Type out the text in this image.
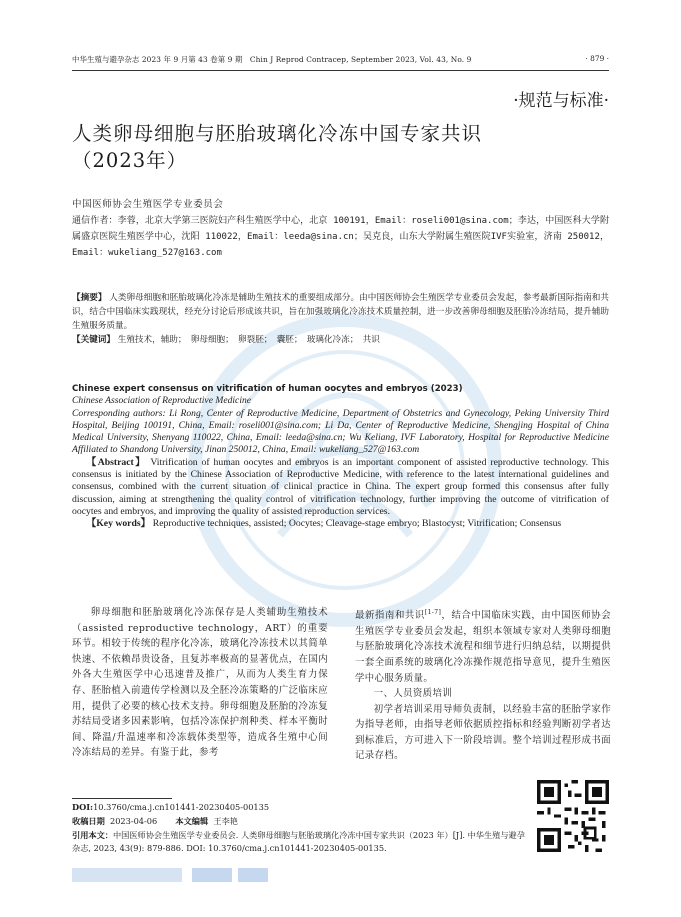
中华生殖与避孕杂志 2023 年 9 月第 43 卷第 9 期　Chin J Reprod Contracep, September 2023, Vol. 43, No. 9	· 879 ·
·规范与标准·
人类卵母细胞与胚胎玻璃化冷冻中国专家共识（2023年）
中国医师协会生殖医学专业委员会
通信作者：李蓉，北京大学第三医院妇产科生殖医学中心，北京 100191，Email：roseli001@sina.com；李达，中国医科大学附属盛京医院生殖医学中心，沈阳 110022，Email：leeda@sina.cn；吴克良，山东大学附属生殖医院IVF实验室，济南 250012，Email：wukeliang_527@163.com
【摘要】 人类卵母细胞和胚胎玻璃化冷冻是辅助生殖技术的重要组成部分。由中国医师协会生殖医学专业委员会发起，参考最新国际指南和共识，结合中国临床实践现状，经充分讨论后形成该共识，旨在加强玻璃化冷冻技术质量控制，进一步改善卵母细胞及胚胎冷冻结局，提升辅助生殖服务质量。
【关键词】 生殖技术，辅助；　卵母细胞；　卵裂胚；　囊胚；　玻璃化冷冻；　共识
Chinese expert consensus on vitrification of human oocytes and embryos (2023)
Chinese Association of Reproductive Medicine
Corresponding authors: Li Rong, Center of Reproductive Medicine, Department of Obstetrics and Gynecology, Peking University Third Hospital, Beijing 100191, China, Email: roseli001@sina.com; Li Da, Center of Reproductive Medicine, Shengjing Hospital of China Medical University, Shenyang 110022, China, Email: leeda@sina.cn; Wu Keliang, IVF Laboratory, Hospital for Reproductive Medicine Affiliated to Shandong University, Jinan 250012, China, Email: wukeliang_527@163.com
【Abstract】 Vitrification of human oocytes and embryos is an important component of assisted reproductive technology. This consensus is initiated by the Chinese Association of Reproductive Medicine, with reference to the latest international guidelines and consensus, combined with the current situation of clinical practice in China. The expert group formed this consensus after fully discussion, aiming at strengthening the quality control of vitrification technology, further improving the outcome of vitrification of oocytes and embryos, and improving the quality of assisted reproduction services.
【Key words】 Reproductive techniques, assisted; Oocytes; Cleavage-stage embryo; Blastocyst; Vitrification; Consensus
卵母细胞和胚胎玻璃化冷冻保存是人类辅助生殖技术（assisted reproductive technology，ART）的重要环节。相较于传统的程序化冷冻，玻璃化冷冻技术以其简单快速、不依赖昂贵设备，且复苏率极高的显著优点，在国内外各大生殖医学中心迅速普及推广，从而为人类生育力保存、胚胎植入前遗传学检测以及全胚冷冻策略的广泛临床应用，提供了必要的核心技术支持。卵母细胞及胚胎的冷冻复苏结局受诸多因素影响，包括冷冻保护剂种类、样本平衡时间、降温/升温速率和冷冻载体类型等，造成各生殖中心间冷冻结局的差异。有鉴于此，参考
最新指南和共识[1-7]，结合中国临床实践，由中国医师协会生殖医学专业委员会发起，组织本领域专家对人类卵母细胞与胚胎玻璃化冷冻技术流程和细节进行归纳总结，以期提供一套全面系统的玻璃化冷冻操作规范指导意见，提升生殖医学中心服务质量。
一、人员资质培训
初学者培训采用导师负责制，以经验丰富的胚胎学家作为指导老师，由指导老师依据质控指标和经验判断初学者达到标准后，方可进入下一阶段培训。整个培训过程形成书面记录存档。
DOI:10.3760/cma.j.cn101441-20230405-00135
收稿日期 2023-04-06 本文编辑 王李艳
引用本文：中国医师协会生殖医学专业委员会. 人类卵母细胞与胚胎玻璃化冷冻中国专家共识（2023 年）[J]. 中华生殖与避孕杂志, 2023, 43(9): 879-886. DOI: 10.3760/cma.j.cn101441-20230405-00135.
